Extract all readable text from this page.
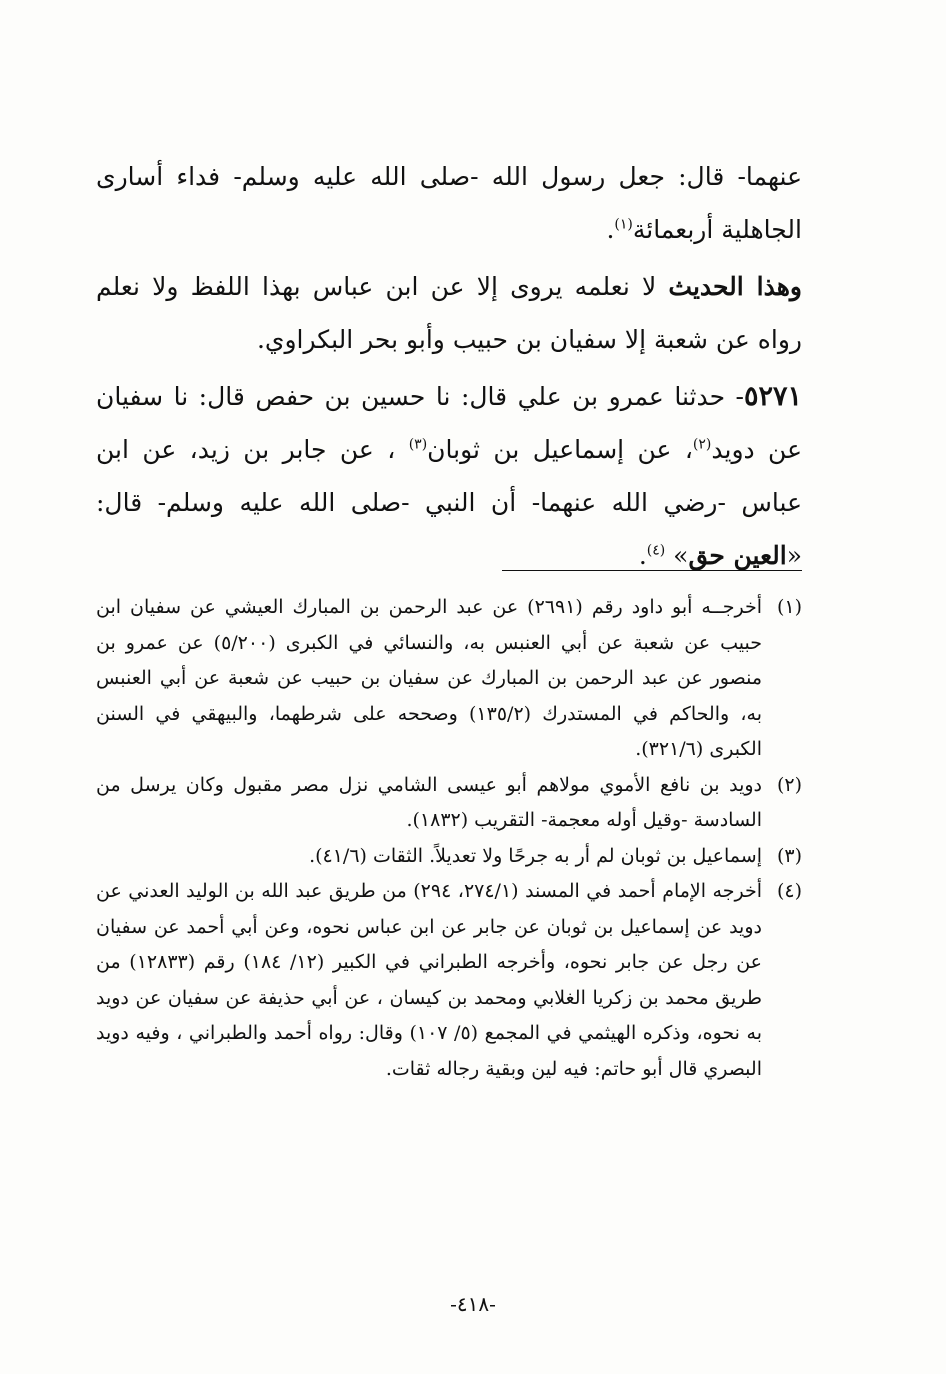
عنهما- قال: جعل رسول الله -صلى الله عليه وسلم- فداء أسارى الجاهلية أربعمائة$^{(١)}$.

وهذا الحديث لا نعلمه يروى إلا عن ابن عباس بهذا اللفظ ولا نعلم رواه عن شعبة إلا سفيان بن حبيب وأبو بحر البكراوي.

٥٢٧١- حدثنا عمرو بن علي قال: نا حسين بن حفص قال: نا سفيان عن دويد$^{(٢)}$، عن إسماعيل بن ثوبان$^{(٣)}$ ، عن جابر بن زيد، عن ابن عباس -رضي الله عنهما- أن النبي -صلى الله عليه وسلم- قال: «العين حق» $^{(٤)}$.

(١)
أخرجــه أبو داود رقم (٢٦٩١) عن عبد الرحمن بن المبارك العيشي عن سفيان ابن حبيب عن شعبة عن أبي العنبس به، والنسائي في الكبرى (٥/٢٠٠) عن عمرو بن منصور عن عبد الرحمن بن المبارك عن سفيان بن حبيب عن شعبة عن أبي العنبس به، والحاكم في المستدرك (١٣٥/٢) وصححه على شرطهما، والبيهقي في السنن الكبرى (٣٢١/٦).
(٢)
دويد بن نافع الأموي مولاهم أبو عيسى الشامي نزل مصر مقبول وكان يرسل من السادسة -وقيل أوله معجمة- التقريب (١٨٣٢).
(٣)
إسماعيل بن ثوبان لم أر به جرحًا ولا تعديلاً. الثقات (٤١/٦).
(٤)
أخرجه الإمام أحمد في المسند (٢٧٤/١، ٢٩٤) من طريق عبد الله بن الوليد العدني عن دويد عن إسماعيل بن ثوبان عن جابر عن ابن عباس نحوه، وعن أبي أحمد عن سفيان عن رجل عن جابر نحوه، وأخرجه الطبراني في الكبير (١٢/ ١٨٤) رقم (١٢٨٣٣) من طريق محمد بن زكريا الغلابي ومحمد بن كيسان ، عن أبي حذيفة عن سفيان عن دويد به نحوه، وذكره الهيثمي في المجمع (٥/ ١٠٧) وقال: رواه أحمد والطبراني ، وفيه دويد البصري قال أبو حاتم: فيه لين وبقية رجاله ثقات.
-٤١٨-
